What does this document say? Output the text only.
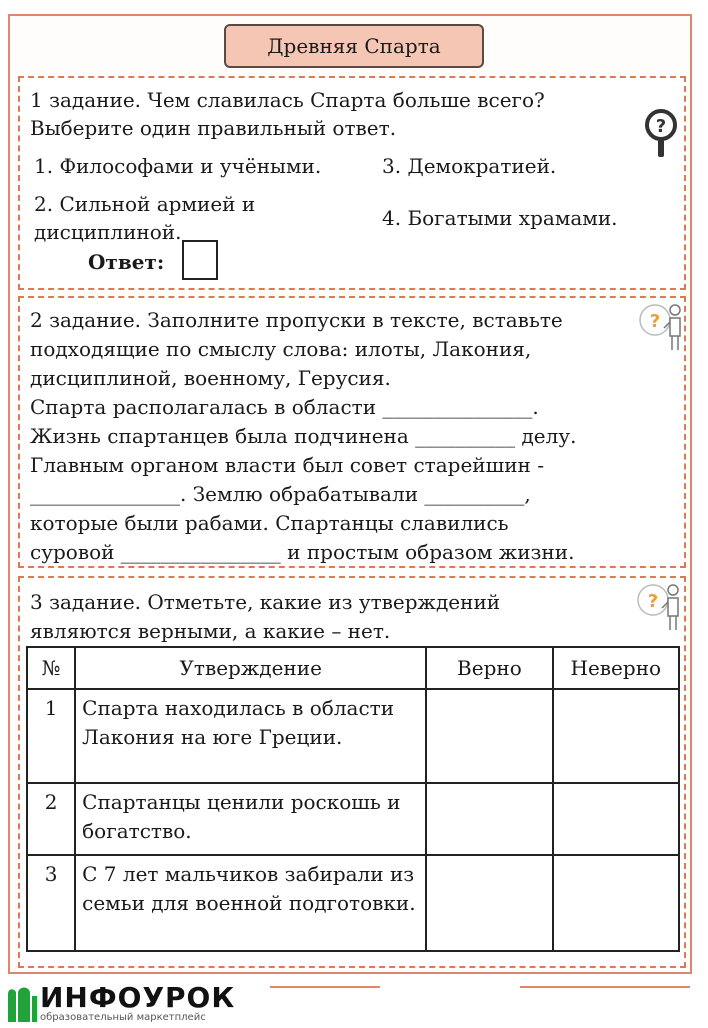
Древняя Спарта
1 задание. Чем славилась Спарта больше всего?
Выберите один правильный ответ.
1. Философами и учёными.
2. Сильной армией и
дисциплиной.
3. Демократией.
4. Богатыми храмами.
Ответ:
?
2 задание. Заполните пропуски в тексте, вставьте
подходящие по смыслу слова: илоты, Лакония,
дисциплиной, военному, Герусия.
Спарта располагалась в области _______________.
Жизнь спартанцев была подчинена __________ делу.
Главным органом власти был совет старейшин -
_______________. Землю обрабатывали __________,
которые были рабами. Спартанцы славились
суровой ________________ и простым образом жизни.
?
3 задание. Отметьте, какие из утверждений
являются верными, а какие – нет.
?
№	Утверждение	Верно	Неверно
1	Спарта находилась в области Лакония на юге Греции.		
2	Спартанцы ценили роскошь и богатство.		
3	С 7 лет мальчиков забирали из семьи для военной подготовки.		
ИНФОУРОК
образовательный маркетплейс
